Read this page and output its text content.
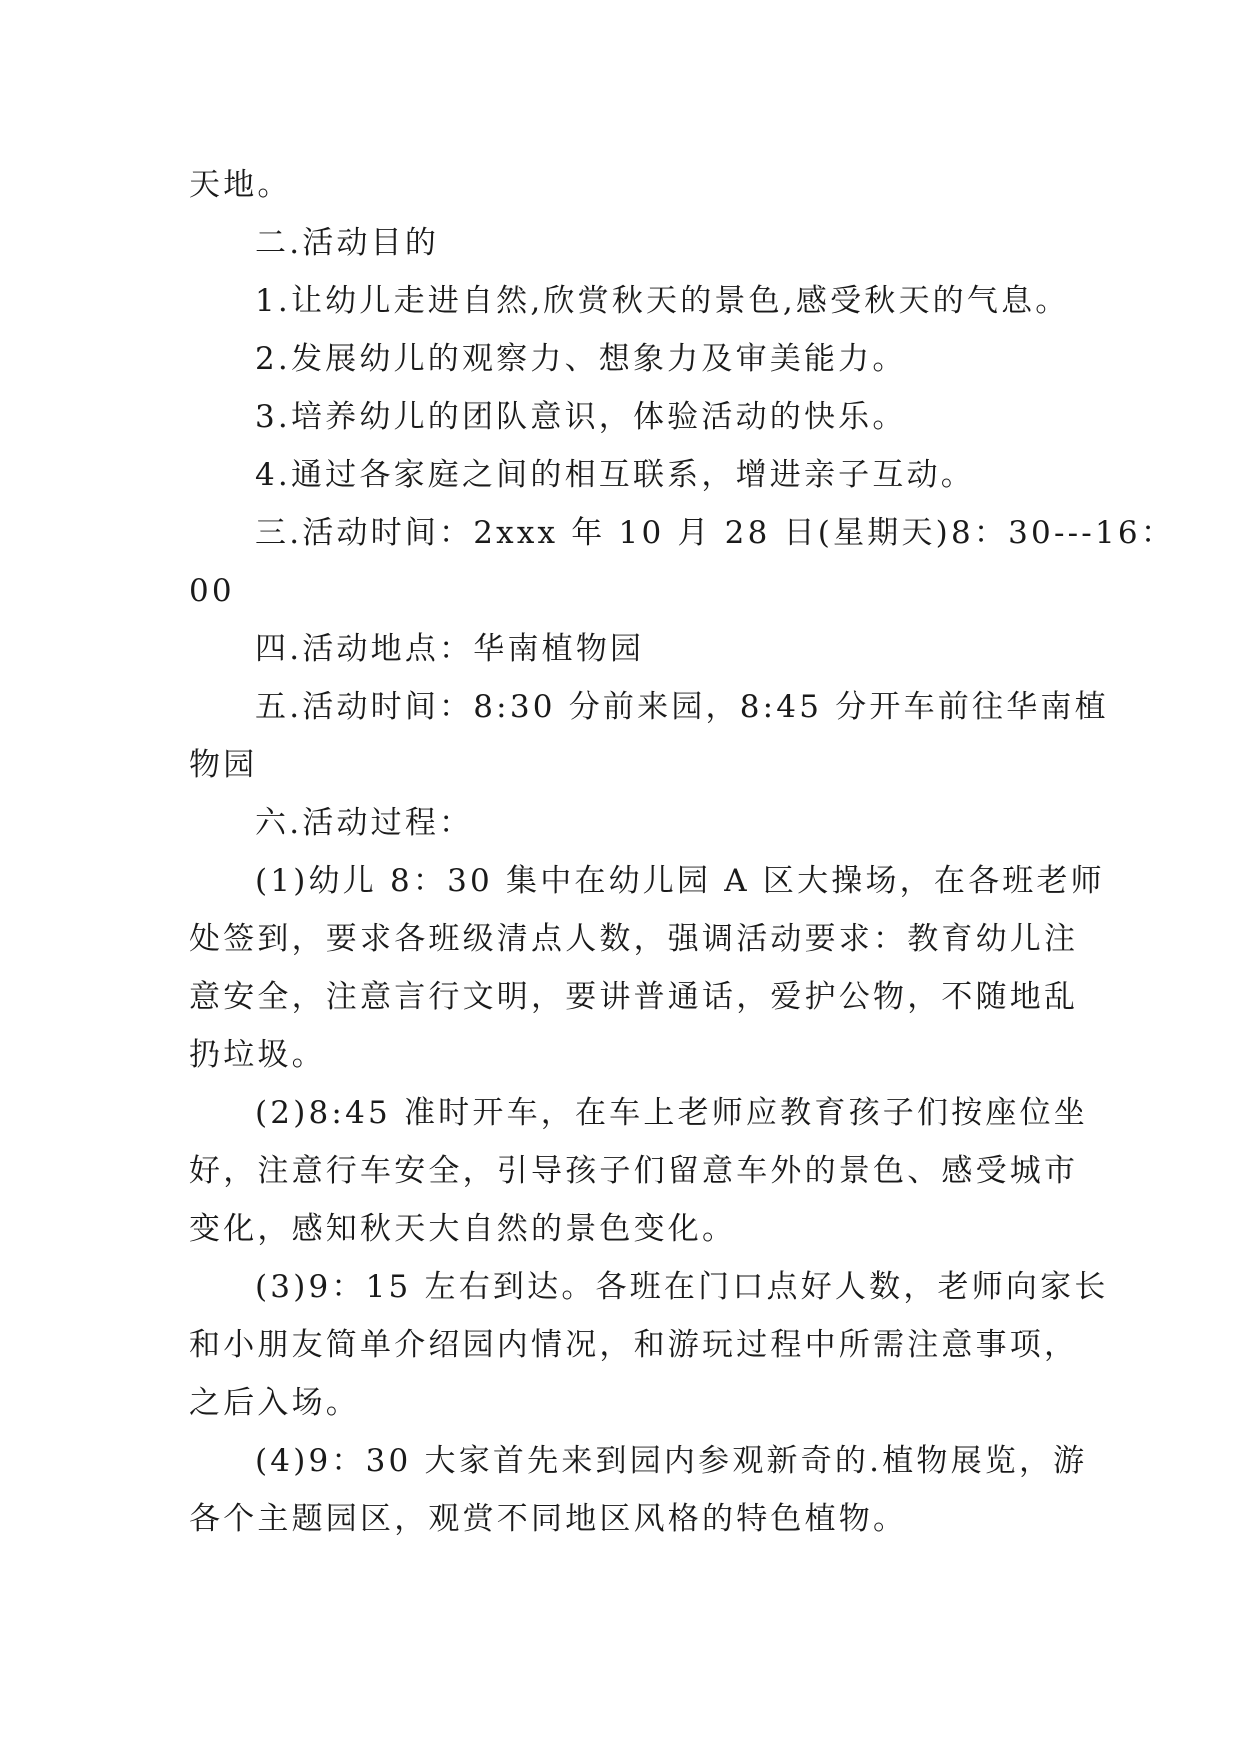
天地。
二.活动目的
1.让幼儿走进自然,欣赏秋天的景色,感受秋天的气息。
2.发展幼儿的观察力、想象力及审美能力。
3.培养幼儿的团队意识，体验活动的快乐。
4.通过各家庭之间的相互联系，增进亲子互动。
三.活动时间：2xxx 年 10 月 28 日(星期天)8：30---16：
00
四.活动地点：华南植物园
五.活动时间：8:30 分前来园，8:45 分开车前往华南植
物园
六.活动过程：
(1)幼儿 8：30 集中在幼儿园 A 区大操场，在各班老师
处签到，要求各班级清点人数，强调活动要求：教育幼儿注
意安全，注意言行文明，要讲普通话，爱护公物，不随地乱
扔垃圾。
(2)8:45 准时开车，在车上老师应教育孩子们按座位坐
好，注意行车安全，引导孩子们留意车外的景色、感受城市
变化，感知秋天大自然的景色变化。
(3)9：15 左右到达。各班在门口点好人数，老师向家长
和小朋友简单介绍园内情况，和游玩过程中所需注意事项，
之后入场。
(4)9：30 大家首先来到园内参观新奇的.植物展览，游
各个主题园区，观赏不同地区风格的特色植物。
